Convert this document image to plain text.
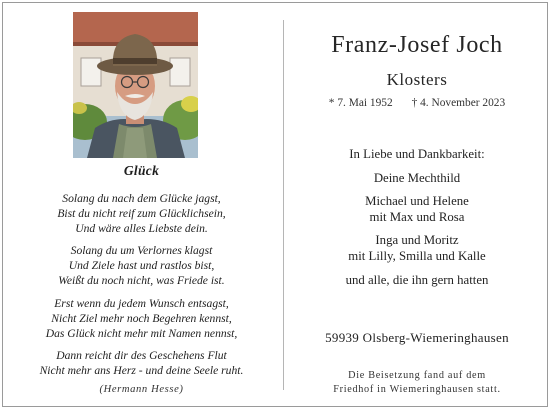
Glück
Solang du nach dem Glücke jagst,
Bist du nicht reif zum Glücklichsein,
Und wäre alles Liebste dein.
Solang du um Verlornes klagst
Und Ziele hast und rastlos bist,
Weißt du noch nicht, was Friede ist.
Erst wenn du jedem Wunsch entsagst,
Nicht Ziel mehr noch Begehren kennst,
Das Glück nicht mehr mit Namen nennst,
Dann reicht dir des Geschehens Flut
Nicht mehr ans Herz - und deine Seele ruht.
(Hermann Hesse)
Franz-Josef Joch
Klosters
* 7. Mai 1952 † 4. November 2023
In Liebe und Dankbarkeit:
Deine Mechthild
Michael und Helene
mit Max und Rosa
Inga und Moritz
mit Lilly, Smilla und Kalle
und alle, die ihn gern hatten
59939 Olsberg-Wiemeringhausen
Die Beisetzung fand auf dem
Friedhof in Wiemeringhausen statt.
